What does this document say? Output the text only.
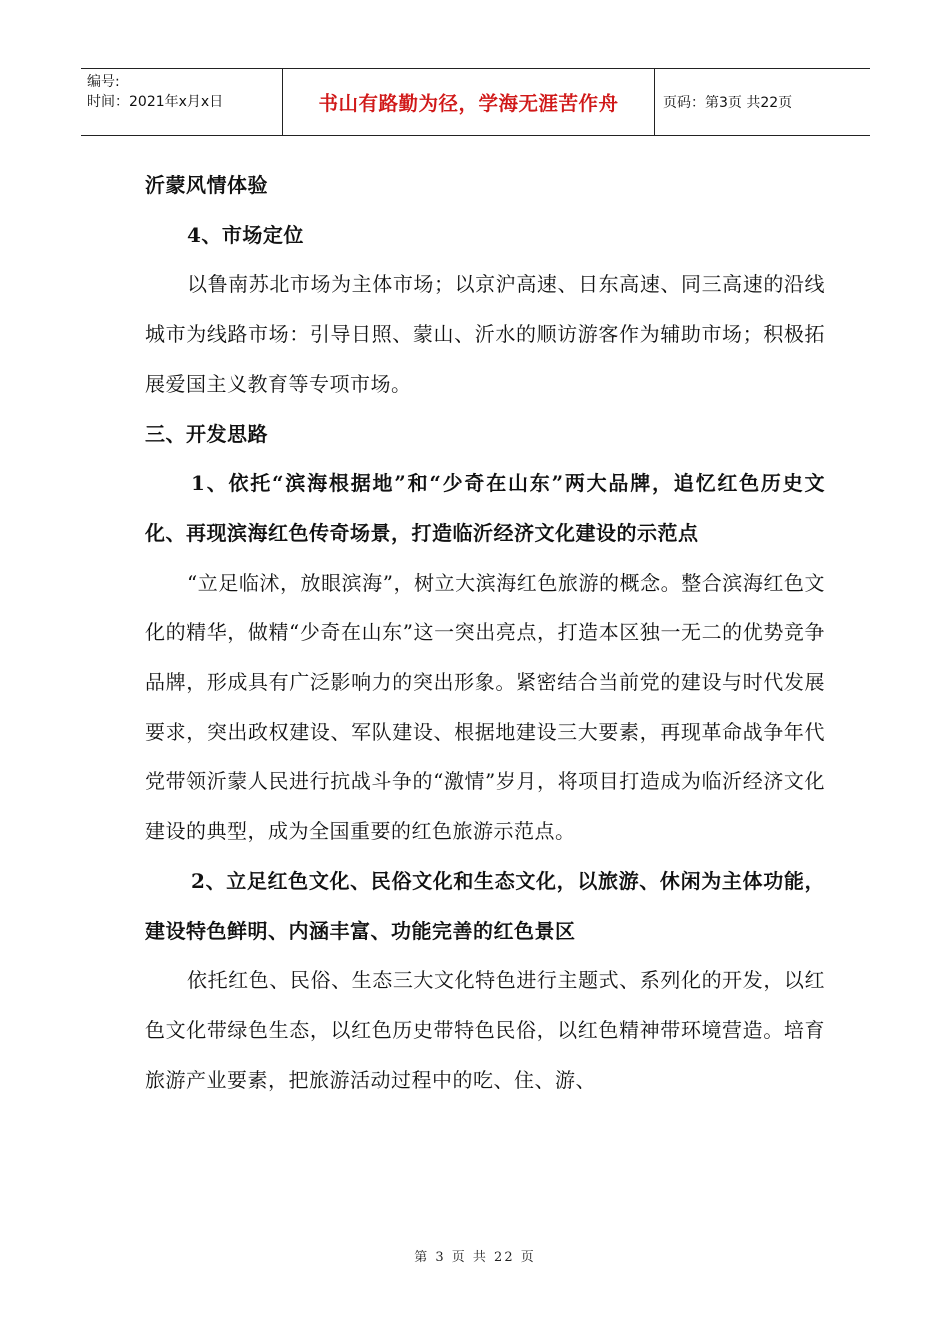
编号:
时间：2021年x月x日	书山有路勤为径，学海无涯苦作舟	页码：第3页 共22页

沂蒙风情体验

4、市场定位

以鲁南苏北市场为主体市场；以京沪高速、日东高速、同三高速的沿线城市为线路市场：引导日照、蒙山、沂水的顺访游客作为辅助市场；积极拓展爱国主义教育等专项市场。

三、开发思路

1、依托“滨海根据地”和“少奇在山东”两大品牌，追忆红色历史文化、再现滨海红色传奇场景，打造临沂经济文化建设的示范点

“立足临沭，放眼滨海”，树立大滨海红色旅游的概念。整合滨海红色文化的精华，做精“少奇在山东”这一突出亮点，打造本区独一无二的优势竞争品牌，形成具有广泛影响力的突出形象。紧密结合当前党的建设与时代发展要求，突出政权建设、军队建设、根据地建设三大要素，再现革命战争年代党带领沂蒙人民进行抗战斗争的“激情”岁月，将项目打造成为临沂经济文化建设的典型，成为全国重要的红色旅游示范点。

2、立足红色文化、民俗文化和生态文化，以旅游、休闲为主体功能，建设特色鲜明、内涵丰富、功能完善的红色景区

依托红色、民俗、生态三大文化特色进行主题式、系列化的开发，以红色文化带绿色生态，以红色历史带特色民俗，以红色精神带环境营造。培育旅游产业要素，把旅游活动过程中的吃、住、游、

第 3 页 共 22 页
